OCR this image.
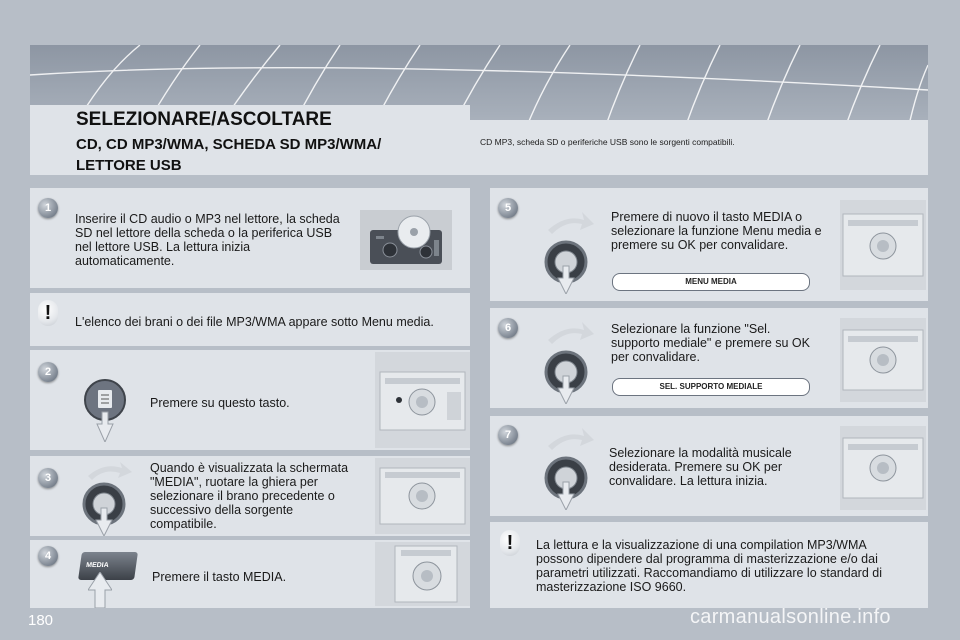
SELEZIONARE/ASCOLTARE
CD, CD MP3/WMA, SCHEDA SD MP3/WMA/ LETTORE USB
CD MP3, scheda SD o periferiche USB sono le sorgenti compatibili.
1
Inserire il CD audio o MP3 nel lettore, la scheda SD nel lettore della scheda o la periferica USB nel lettore USB. La lettura inizia automaticamente.
!	L'elenco dei brani o dei file MP3/WMA appare sotto Menu media.
2
Premere su questo tasto.
3
Quando è visualizzata la schermata "MEDIA", ruotare la ghiera per selezionare il brano precedente o successivo della sorgente compatibile.
4
MEDIA
Premere il tasto MEDIA.
5
Premere di nuovo il tasto MEDIA o selezionare la funzione Menu media e premere su OK per convalidare.
MENU MEDIA
6	Selezionare la funzione "Sel. supporto mediale" e premere su OK per convalidare.
SEL. SUPPORTO MEDIALE
7
Selezionare la modalità musicale desiderata. Premere su OK per convalidare. La lettura inizia.
!	La lettura e la visualizzazione di una compilation MP3/WMA possono dipendere dal programma di masterizzazione e/o dai parametri utilizzati. Raccomandiamo di utilizzare lo standard di masterizzazione ISO 9660.
180	carmanualsonline.info
